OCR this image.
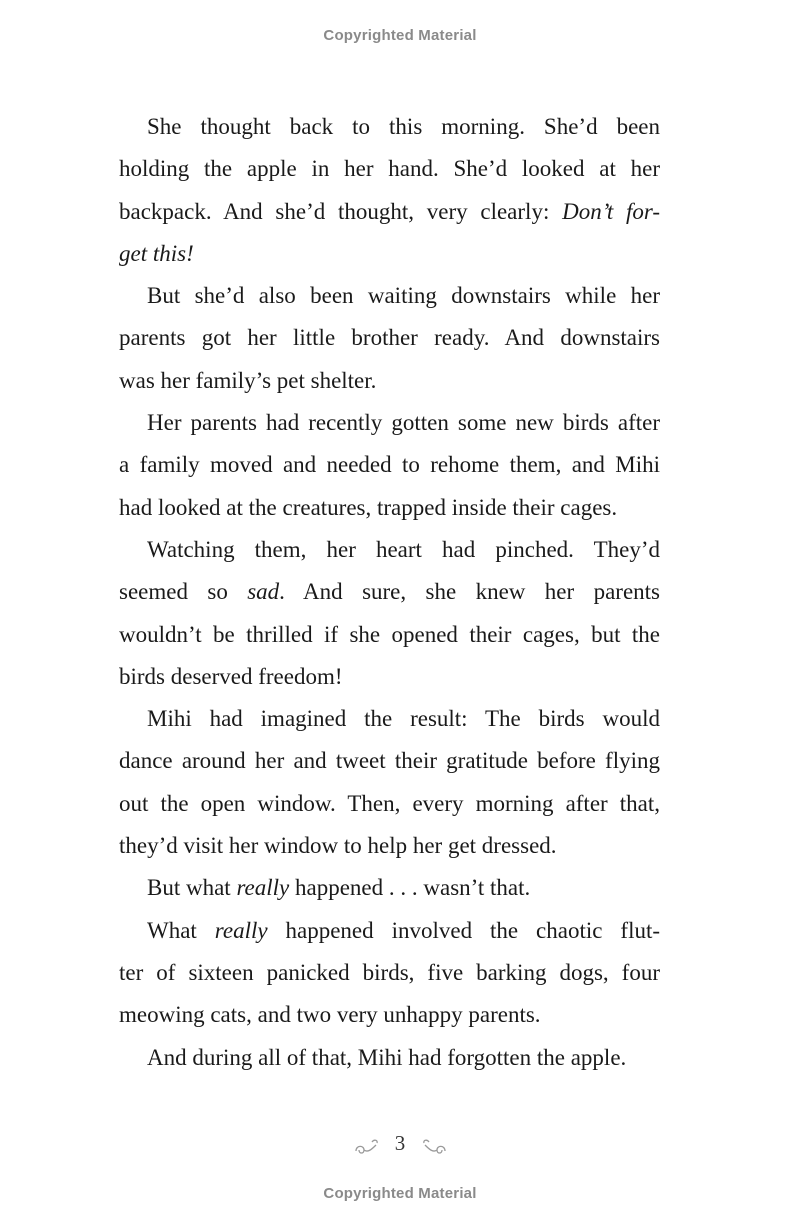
Copyrighted Material
She thought back to this morning. She’d been
holding the apple in her hand. She’d looked at her
backpack. And she’d thought, very clearly: Don’t for-
get this!
But she’d also been waiting downstairs while her
parents got her little brother ready. And downstairs
was her family’s pet shelter.
Her parents had recently gotten some new birds after
a family moved and needed to rehome them, and Mihi
had looked at the creatures, trapped inside their cages.
Watching them, her heart had pinched. They’d
seemed so sad. And sure, she knew her parents
wouldn’t be thrilled if she opened their cages, but the
birds deserved freedom!
Mihi had imagined the result: The birds would
dance around her and tweet their gratitude before flying
out the open window. Then, every morning after that,
they’d visit her window to help her get dressed.
But what really happened . . . wasn’t that.
What really happened involved the chaotic flut-
ter of sixteen panicked birds, five barking dogs, four
meowing cats, and two very unhappy parents.
And during all of that, Mihi had forgotten the apple.
3
Copyrighted Material
